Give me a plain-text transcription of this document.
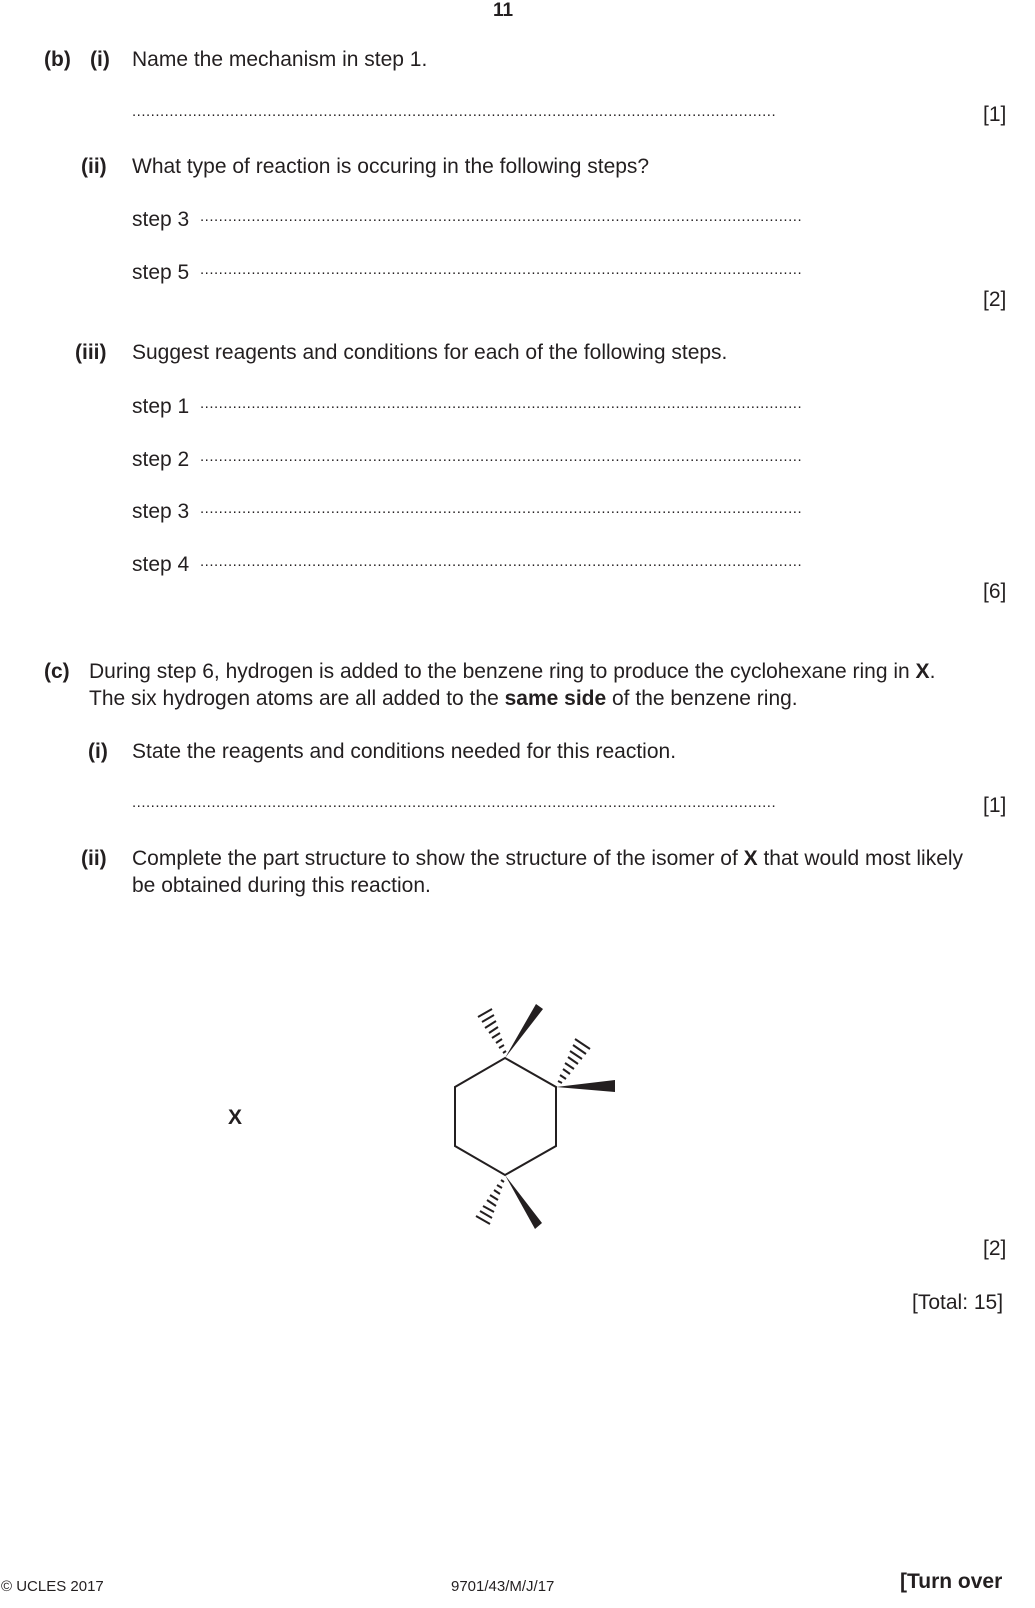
11
(b) (i) Name the mechanism in step 1.
..........................................................................................................................................	[1]
(ii) What type of reaction is occuring in the following steps?
step 3 .................................................................................................................................
step 5 .................................................................................................................................
[2]
(iii) Suggest reagents and conditions for each of the following steps.
step 1 .................................................................................................................................
step 2 .................................................................................................................................
step 3 .................................................................................................................................
step 4 .................................................................................................................................
[6]
(c) During step 6, hydrogen is added to the benzene ring to produce the cyclohexane ring in X.
The six hydrogen atoms are all added to the same side of the benzene ring.
(i) State the reagents and conditions needed for this reaction.
..........................................................................................................................................	[1]
(ii) Complete the part structure to show the structure of the isomer of X that would most likely
be obtained during this reaction.
X
[2]
[Total: 15]
© UCLES 2017	9701/43/M/J/17	[Turn over
